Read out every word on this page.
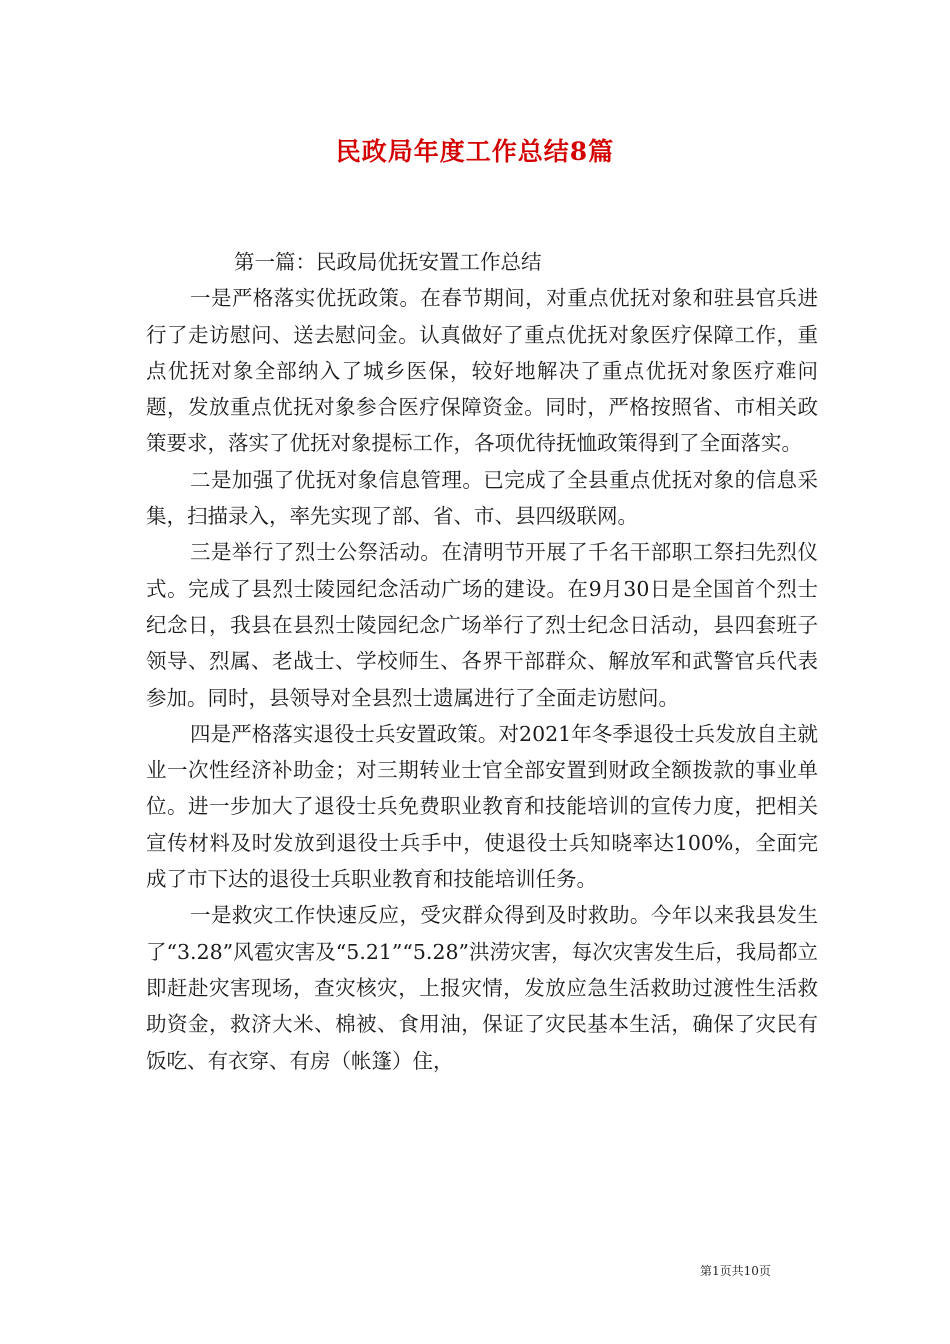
民政局年度工作总结8篇

第一篇：民政局优抚安置工作总结

一是严格落实优抚政策。在春节期间，对重点优抚对象和驻县官兵进行了走访慰问、送去慰问金。认真做好了重点优抚对象医疗保障工作，重点优抚对象全部纳入了城乡医保，较好地解决了重点优抚对象医疗难问题，发放重点优抚对象参合医疗保障资金。同时，严格按照省、市相关政策要求，落实了优抚对象提标工作，各项优待抚恤政策得到了全面落实。

二是加强了优抚对象信息管理。已完成了全县重点优抚对象的信息采集，扫描录入，率先实现了部、省、市、县四级联网。

三是举行了烈士公祭活动。在清明节开展了千名干部职工祭扫先烈仪式。完成了县烈士陵园纪念活动广场的建设。在9月30日是全国首个烈士纪念日，我县在县烈士陵园纪念广场举行了烈士纪念日活动，县四套班子领导、烈属、老战士、学校师生、各界干部群众、解放军和武警官兵代表参加。同时，县领导对全县烈士遗属进行了全面走访慰问。

四是严格落实退役士兵安置政策。对2021年冬季退役士兵发放自主就业一次性经济补助金；对三期转业士官全部安置到财政全额拨款的事业单位。进一步加大了退役士兵免费职业教育和技能培训的宣传力度，把相关宣传材料及时发放到退役士兵手中，使退役士兵知晓率达100%，全面完成了市下达的退役士兵职业教育和技能培训任务。

一是救灾工作快速反应，受灾群众得到及时救助。今年以来我县发生了“3.28”风雹灾害及“5.21”“5.28”洪涝灾害，每次灾害发生后，我局都立即赶赴灾害现场，查灾核灾，上报灾情，发放应急生活救助过渡性生活救助资金，救济大米、棉被、食用油，保证了灾民基本生活，确保了灾民有饭吃、有衣穿、有房（帐篷）住，

第1页共10页
